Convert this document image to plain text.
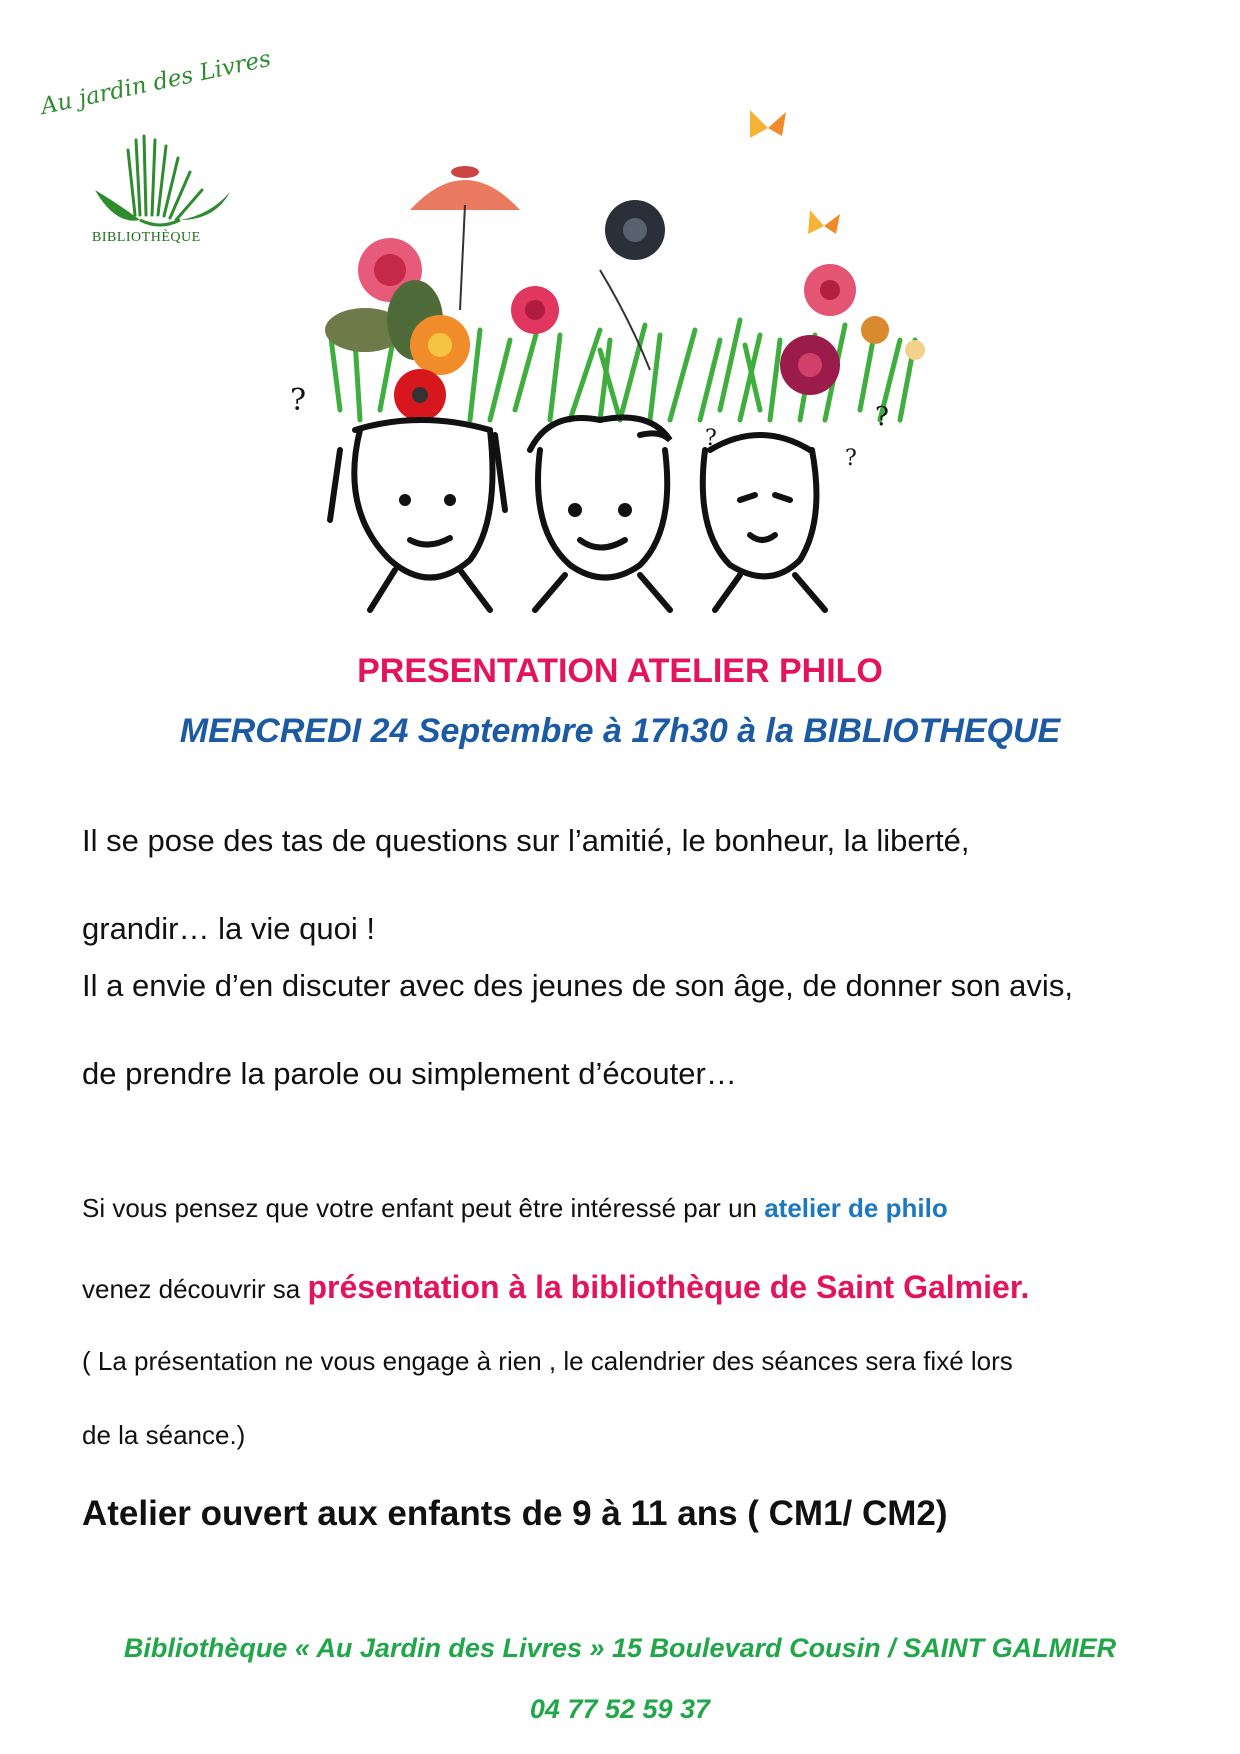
Au jardin des Livres
BIBLIOTHÈQUE
?
?
?
?
PRESENTATION ATELIER PHILO
MERCREDI 24 Septembre à 17h30 à la BIBLIOTHEQUE
Il se pose des tas de questions sur l’amitié, le bonheur, la liberté,
grandir… la vie quoi !
Il a envie d’en discuter avec des jeunes de son âge, de donner son avis,
de prendre la parole ou simplement d’écouter…
Si vous pensez que votre enfant peut être intéressé par un atelier de philo
venez découvrir sa présentation à la bibliothèque de Saint Galmier.
( La présentation ne vous engage à rien , le calendrier des séances sera fixé lors
de la séance.)
Atelier ouvert aux enfants de 9 à 11 ans ( CM1/ CM2)
Bibliothèque « Au Jardin des Livres » 15 Boulevard Cousin / SAINT GALMIER
04 77 52 59 37
